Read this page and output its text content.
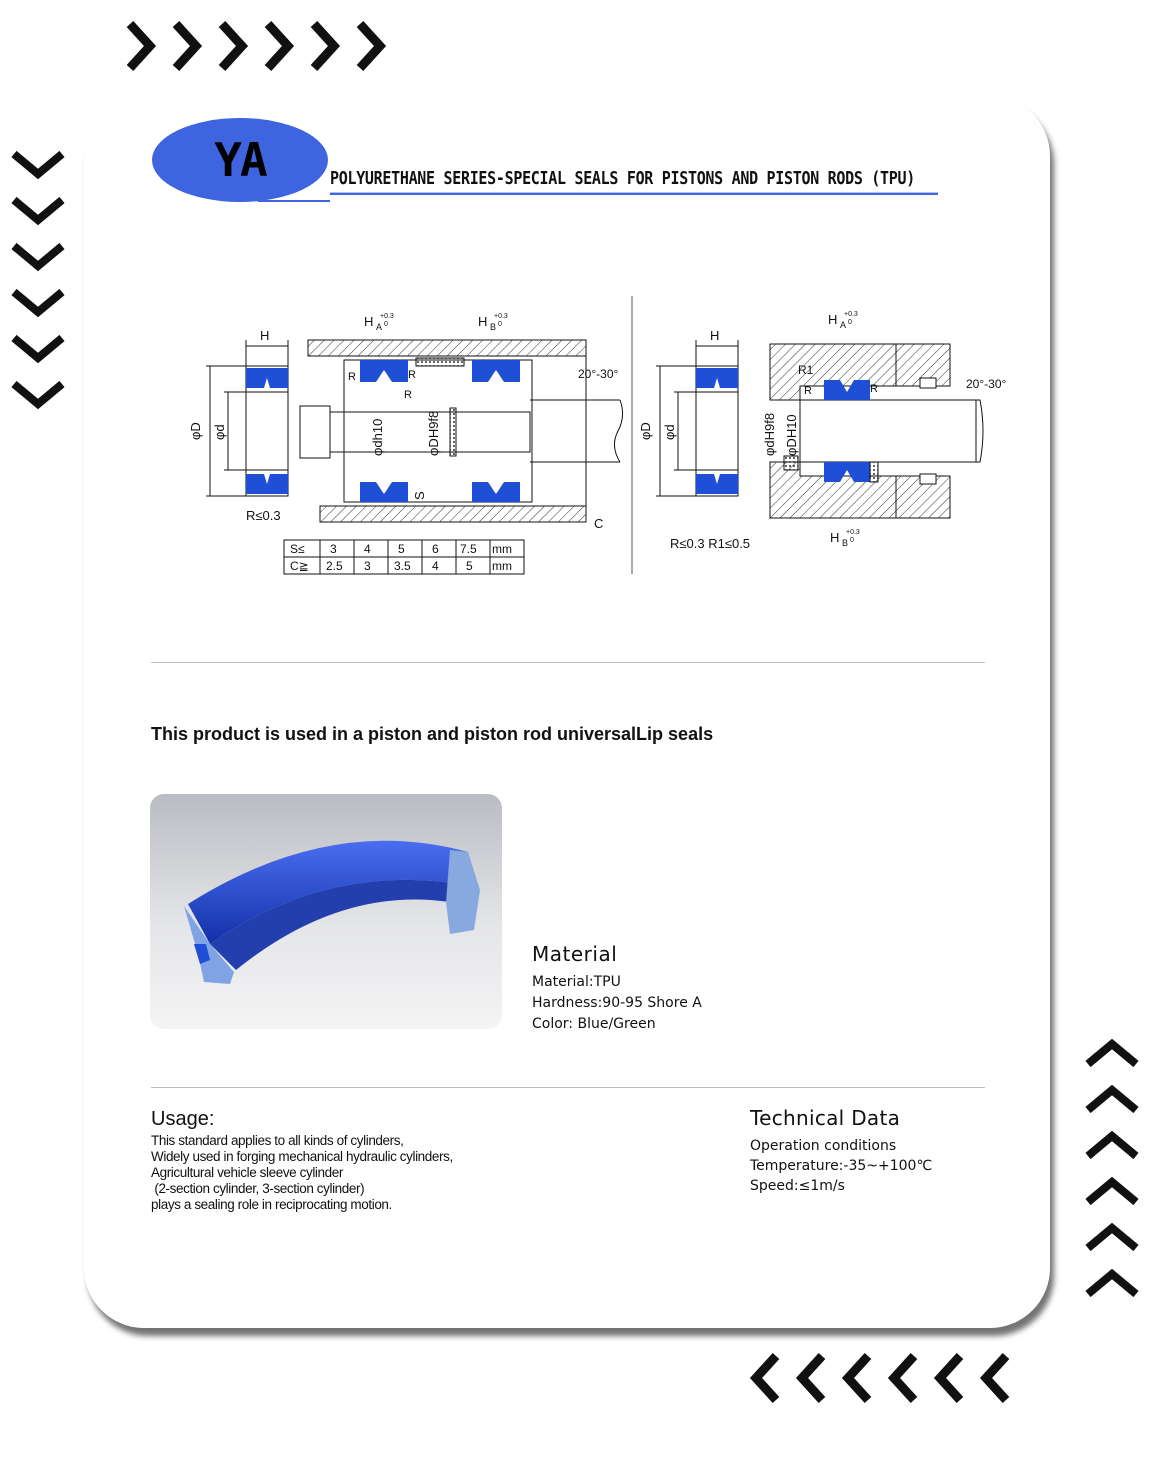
YA	POLYURETHANE SERIES-SPECIAL SEALS FOR PISTONS AND PISTON RODS (TPU)
H
φD φd
R≤0.3
H A
+0.3
0	H B
+0.3
0
R	R
R
φdh10	φDH9f8
S
20°-30°
C
S≤ 3 4 5 6 7.5 mm
C≧ 2.5 3 3.5 4 5 mm
H
φD φd
H A
+0.3
0
H B
+0.3
0
R1
R	R
φdH9f8 φDH10
20°-30°
R≤0.3 R1≤0.5
This product is used in a piston and piston rod universalLip seals
Material

Material:TPU

Hardness:90-95 Shore A

Color: Blue/Green

Usage:

This standard applies to all kinds of cylinders,

Widely used in forging mechanical hydraulic cylinders,

Agricultural vehicle sleeve cylinder

(2-section cylinder, 3-section cylinder)

plays a sealing role in reciprocating motion.

Technical Data

Operation conditions

Temperature:-35~+100℃

Speed:≤1m/s
